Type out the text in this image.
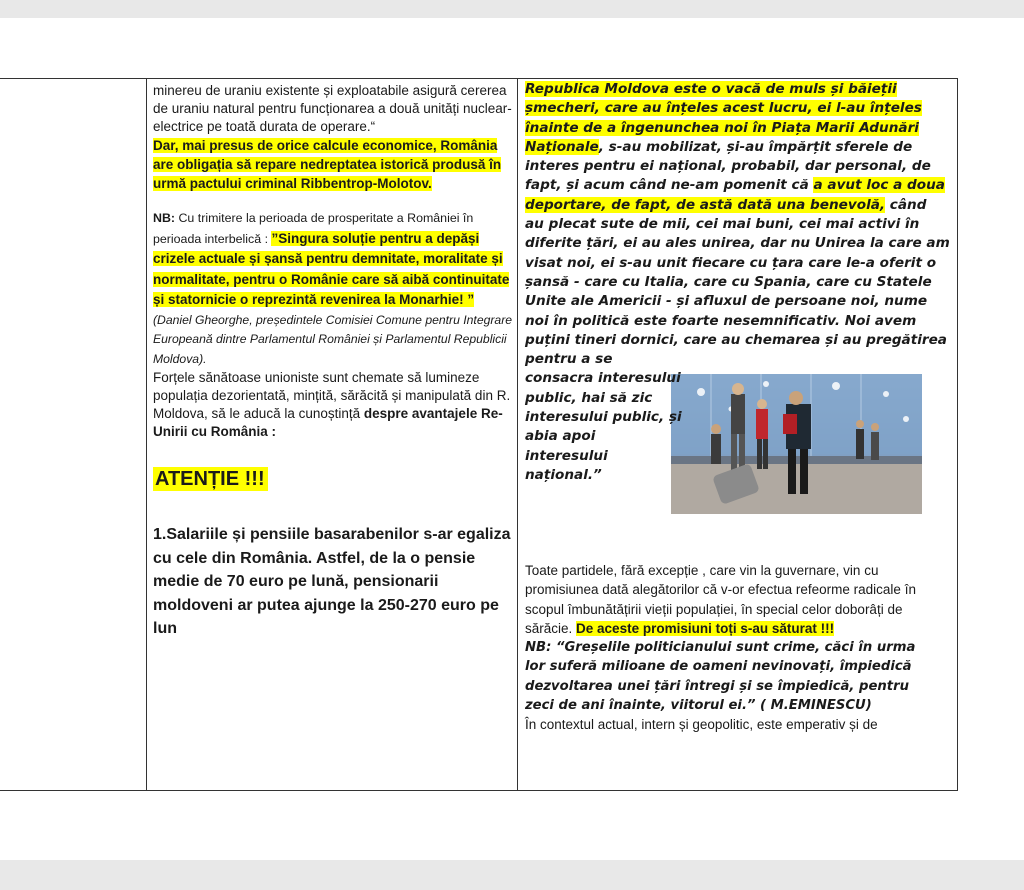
minereu de uraniu existente și exploatabile asigură cererea de uraniu natural pentru funcționarea a două unități nuclear-electrice pe toată durata de operare.“

Dar, mai presus de orice calcule economice, România are obligația să repare nedreptatea istorică produsă în urmă pactului criminal Ribbentrop-Molotov.

NB: Cu trimitere la perioada de prosperitate a României în perioada interbelică : ”Singura soluție pentru a depăși crizele actuale și șansă pentru demnitate, moralitate și normalitate, pentru o Românie care să aibă continuitate și statornicie o reprezintă revenirea la Monarhie! ” (Daniel Gheorghe, președintele Comisiei Comune pentru Integrare Europeană dintre Parlamentul României și Parlamentul Republicii Moldova).

Forțele sănătoase unioniste sunt chemate să lumineze populația dezorientată, mințită, sărăcită și manipulată din R. Moldova, să le aducă la cunoștință despre avantajele Re-Unirii cu România :

ATENȚIE !!!

1.Salariile și pensiile basarabenilor s-ar egaliza cu cele din România. Astfel, de la o pensie medie de 70 euro pe lună, pensionarii moldoveni ar putea ajunge la 250-270 euro pe lun

Republica Moldova este o vacă de muls și băieții șmecheri, care au înțeles acest lucru, ei l-au înțeles înainte de a îngenunchea noi în Piața Marii Adunări Naționale, s-au mobilizat, și-au împărțit sferele de interes pentru ei național, probabil, dar personal, de fapt, și acum când ne-am pomenit că a avut loc a doua deportare, de fapt, de astă dată una benevolă, când au plecat sute de mii, cei mai buni, cei mai activi în diferite țări, ei au ales unirea, dar nu Unirea la care am visat noi, ei s-au unit fiecare cu țara care le-a oferit o șansă - care cu Italia, care cu Spania, care cu Statele Unite ale Americii - și afluxul de persoane noi, nume noi în politică este foarte nesemnificativ. Noi avem puțini tineri dornici, care au chemarea și au pregătirea pentru a se consacra interesului public, hai să zic interesului public, și abia apoi interesului național.”

Toate partidele, fără excepție , care vin la guvernare, vin cu promisiunea dată alegătorilor că v-or efectua refeorme radicale în scopul îmbunătățirii vieții populației, în special celor doborâți de sărăcie. De aceste promisiuni toți s-au săturat !!!

NB: “Greșelile politicianului sunt crime, căci în urma lor suferă milioane de oameni nevinovați, împiedică dezvoltarea unei țări întregi și se împiedică, pentru zeci de ani înainte, viitorul ei.” ( M.EMINESCU)

În contextul actual, intern și geopolitic, este emperativ și de
